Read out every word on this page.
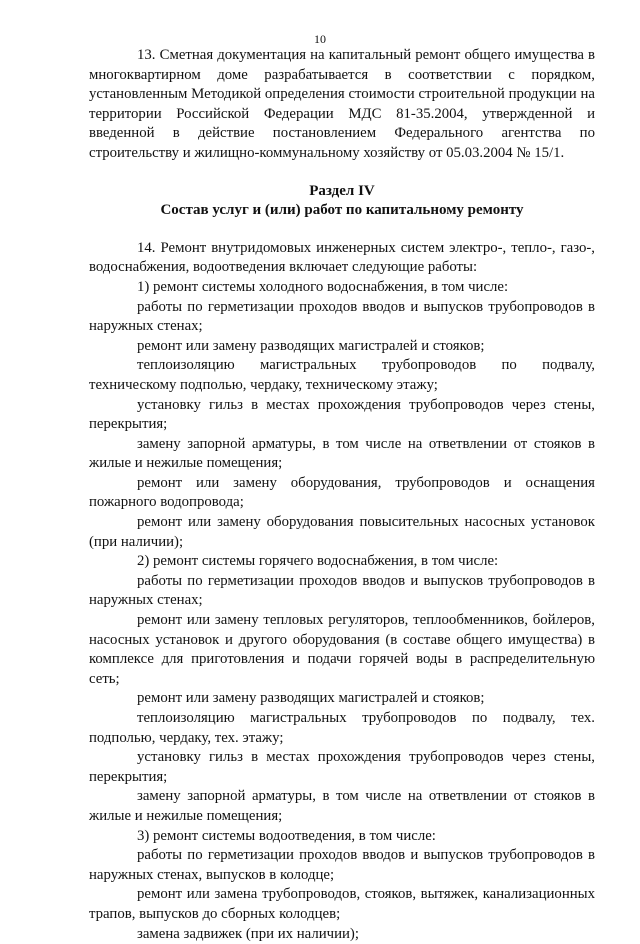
10

13. Сметная документация на капитальный ремонт общего имущества в многоквартирном доме разрабатывается в соответствии с порядком, установленным Методикой определения стоимости строительной продукции на территории Российской Федерации МДС 81-35.2004, утвержденной и введенной в действие постановлением Федерального агентства по строительству и жилищно-коммунальному хозяйству от 05.03.2004 № 15/1.

Раздел IV

Состав услуг и (или) работ по капитальному ремонту

14. Ремонт внутридомовых инженерных систем электро-, тепло-, газо-, водоснабжения, водоотведения включает следующие работы:

1) ремонт системы холодного водоснабжения, в том числе:

работы по герметизации проходов вводов и выпусков трубопроводов в наружных стенах;

ремонт или замену разводящих магистралей и стояков;

теплоизоляцию магистральных трубопроводов по подвалу, техническому подполью, чердаку, техническому этажу;

установку гильз в местах прохождения трубопроводов через стены, перекрытия;

замену запорной арматуры, в том числе на ответвлении от стояков в жилые и нежилые помещения;

ремонт или замену оборудования, трубопроводов и оснащения пожарного водопровода;

ремонт или замену оборудования повысительных насосных установок (при наличии);

2) ремонт системы горячего водоснабжения, в том числе:

работы по герметизации проходов вводов и выпусков трубопроводов в наружных стенах;

ремонт или замену тепловых регуляторов, теплообменников, бойлеров, насосных установок и другого оборудования (в составе общего имущества) в комплексе для приготовления и подачи горячей воды в распределительную сеть;

ремонт или замену разводящих магистралей и стояков;

теплоизоляцию магистральных трубопроводов по подвалу, тех. подполью, чердаку, тех. этажу;

установку гильз в местах прохождения трубопроводов через стены, перекрытия;

замену запорной арматуры, в том числе на ответвлении от стояков в жилые и нежилые помещения;

3) ремонт системы водоотведения, в том числе:

работы по герметизации проходов вводов и выпусков трубопроводов в наружных стенах, выпусков в колодце;

ремонт или замена трубопроводов, стояков, вытяжек, канализационных трапов, выпусков до сборных колодцев;

замена задвижек (при их наличии);
